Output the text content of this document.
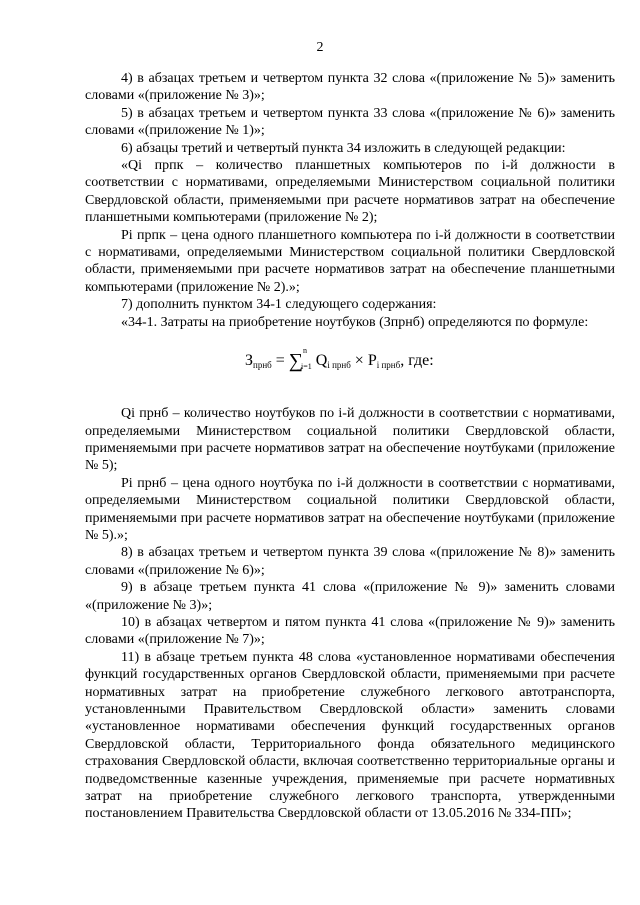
2

4) в абзацах третьем и четвертом пункта 32 слова «(приложение № 5)» заменить словами «(приложение № 3)»;

5) в абзацах третьем и четвертом пункта 33 слова «(приложение № 6)» заменить словами «(приложение № 1)»;

6) абзацы третий и четвертый пункта 34 изложить в следующей редакции:

«Qi прпк – количество планшетных компьютеров по i-й должности в соответствии с нормативами, определяемыми Министерством социальной политики Свердловской области, применяемыми при расчете нормативов затрат на обеспечение планшетными компьютерами (приложение № 2);

Pi прпк – цена одного планшетного компьютера по i-й должности в соответствии с нормативами, определяемыми Министерством социальной политики Свердловской области, применяемыми при расчете нормативов затрат на обеспечение планшетными компьютерами (приложение № 2).»;

7) дополнить пунктом 34-1 следующего содержания:

«34-1. Затраты на приобретение ноутбуков (Зпрнб) определяются по формуле:

$З_{прнб} = \sum^n_{i=1}$ $Q_{i прнб} \times P_{i прнб}$, где:

Qi прнб – количество ноутбуков по i-й должности в соответствии с нормативами, определяемыми Министерством социальной политики Свердловской области, применяемыми при расчете нормативов затрат на обеспечение ноутбуками (приложение № 5);

Pi прнб – цена одного ноутбука по i-й должности в соответствии с нормативами, определяемыми Министерством социальной политики Свердловской области, применяемыми при расчете нормативов затрат на обеспечение ноутбуками (приложение № 5).»;

8) в абзацах третьем и четвертом пункта 39 слова «(приложение № 8)» заменить словами «(приложение № 6)»;

9) в абзаце третьем пункта 41 слова «(приложение № 9)» заменить словами «(приложение № 3)»;

10) в абзацах четвертом и пятом пункта 41 слова «(приложение № 9)» заменить словами «(приложение № 7)»;

11) в абзаце третьем пункта 48 слова «установленное нормативами обеспечения функций государственных органов Свердловской области, применяемыми при расчете нормативных затрат на приобретение служебного легкового автотранспорта, установленными Правительством Свердловской области» заменить словами «установленное нормативами обеспечения функций государственных органов Свердловской области, Территориального фонда обязательного медицинского страхования Свердловской области, включая соответственно территориальные органы и подведомственные казенные учреждения, применяемые при расчете нормативных затрат на приобретение служебного легкового транспорта, утвержденными постановлением Правительства Свердловской области от 13.05.2016 № 334-ПП»;
